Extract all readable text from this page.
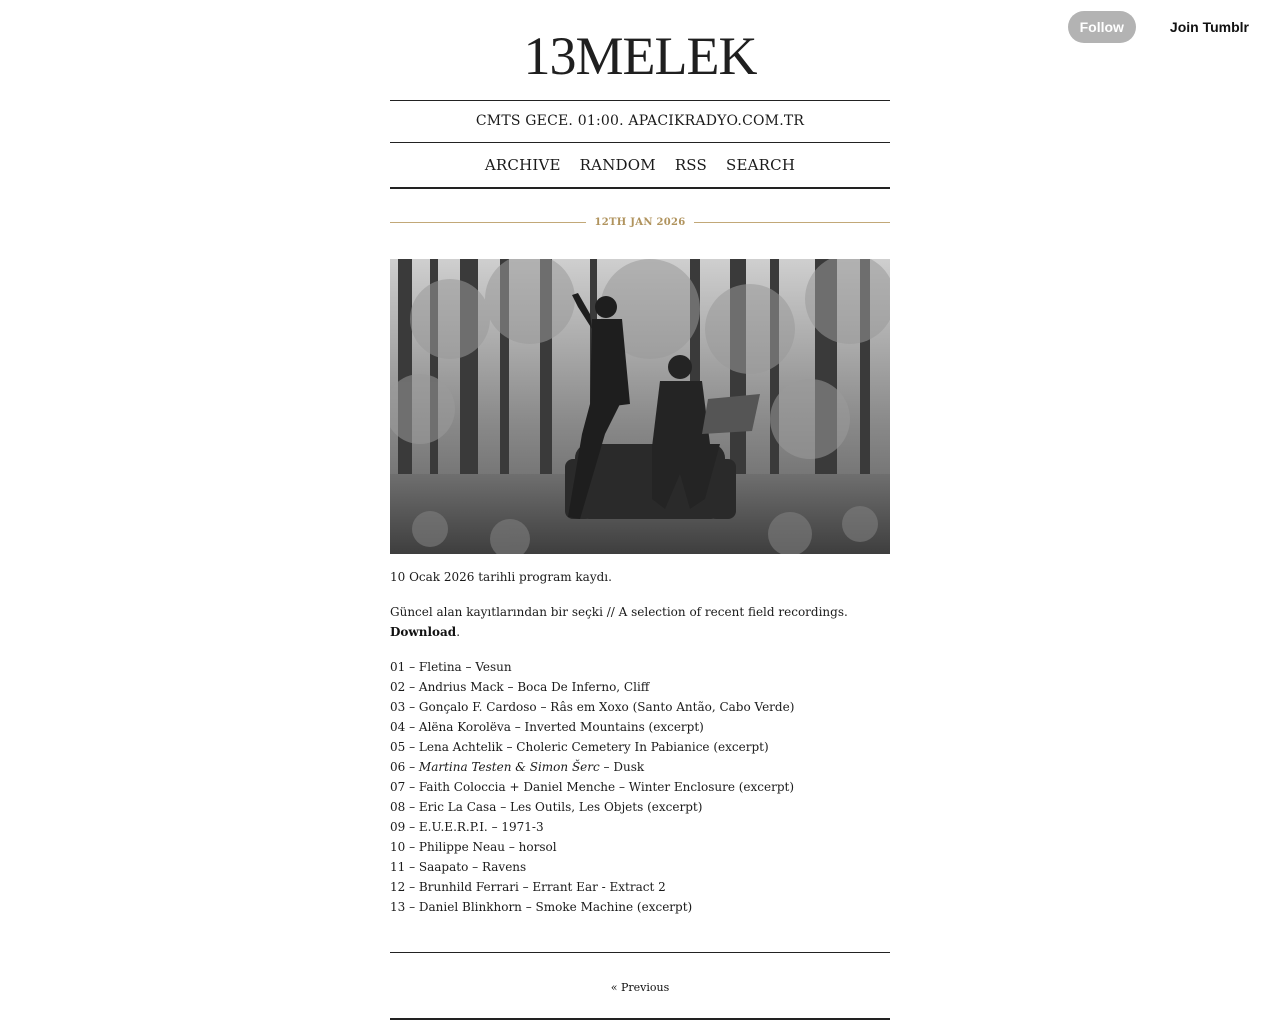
Follow	Join Tumblr
13MELEK
CMTS GECE. 01:00. APACIKRADYO.COM.TR
ARCHIVE RANDOM RSS SEARCH
12TH JAN 2026

10 Ocak 2026 tarihli program kaydı.

Güncel alan kayıtlarından bir seçki // A selection of recent field recordings. Download.

01 – Fletina – Vesun
02 – Andrius Mack – Boca De Inferno, Cliff
03 – Gonçalo F. Cardoso – Râs em Xoxo (Santo Antão, Cabo Verde)
04 – Alëna Korolëva – Inverted Mountains (excerpt)
05 – Lena Achtelik – Choleric Cemetery In Pabianice (excerpt)
06 – Martina Testen & Simon Šerc – Dusk
07 – Faith Coloccia + Daniel Menche – Winter Enclosure (excerpt)
08 – Eric La Casa – Les Outils, Les Objets (excerpt)
09 – E.U.E.R.P.I. – 1971-3
10 – Philippe Neau – horsol
11 – Saapato – Ravens
12 – Brunhild Ferrari – Errant Ear - Extract 2
13 – Daniel Blinkhorn – Smoke Machine (excerpt)
« Previous
